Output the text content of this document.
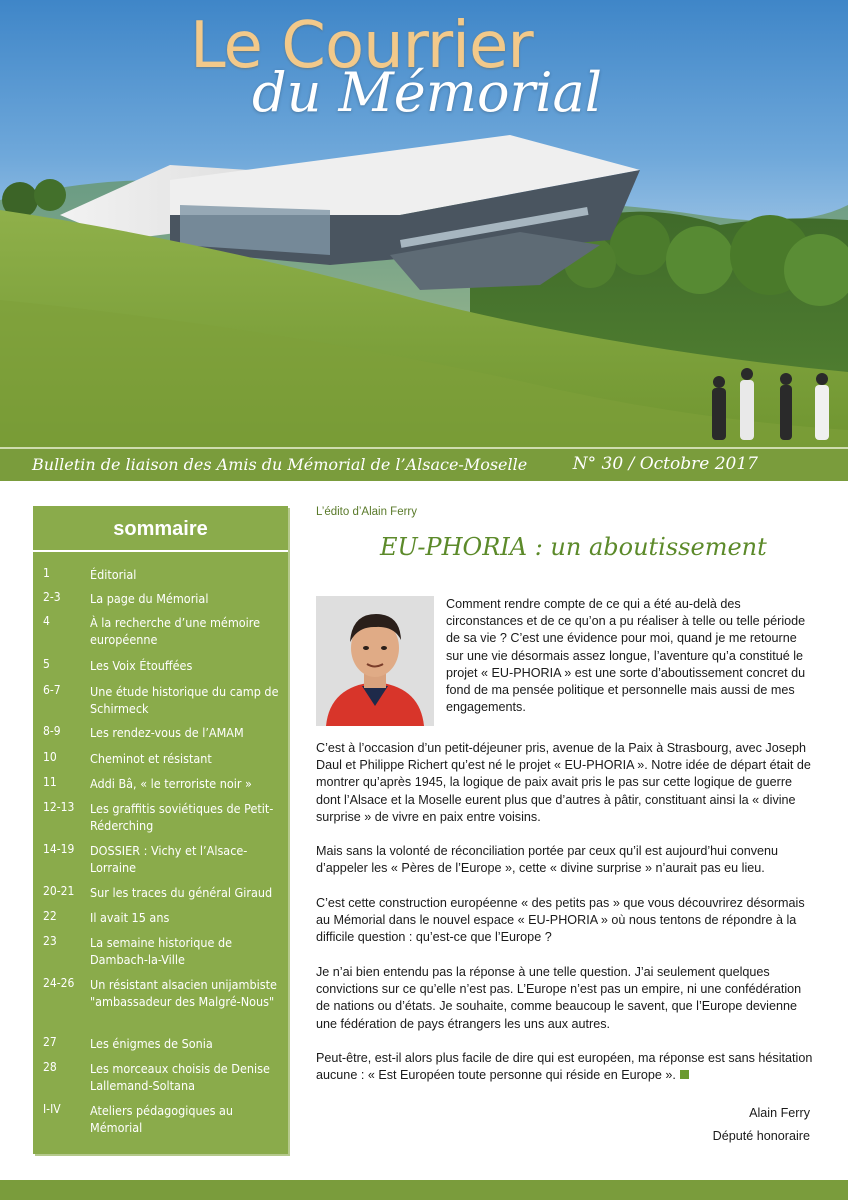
Le Courrier
du Mémorial
Bulletin de liaison des Amis du Mémorial de l’Alsace-Moselle	N° 30 / Octobre 2017
sommaire
1	Éditorial
2-3 La page du Mémorial
4	À la recherche d’une mémoire européenne
5	Les Voix Étouffées
6-7 Une étude historique du camp de Schirmeck
8-9 Les rendez-vous de l’AMAM
10	Cheminot et résistant
11	Addi Bâ, « le terroriste noir »
12-13 Les graffitis soviétiques de Petit-Réderching
14-19 DOSSIER : Vichy et l’Alsace-Lorraine
20-21 Sur les traces du général Giraud
22	Il avait 15 ans
23	La semaine historique de Dambach-la-Ville
24-26 Un résistant alsacien unijambiste "ambassadeur des Malgré-Nous"
27	Les énigmes de Sonia
28	Les morceaux choisis de Denise Lallemand-Soltana
I-IV Ateliers pédagogiques au Mémorial
L’édito d’Alain Ferry
EU-PHORIA : un aboutissement

Comment rendre compte de ce qui a été au-delà des circonstances et de ce qu’on a pu réaliser à telle ou telle période de sa vie ? C’est une évidence pour moi, quand je me retourne sur une vie désormais assez longue, l’aventure qu’a constitué le projet « EU-PHORIA » est une sorte d’aboutissement concret du fond de ma pensée politique et personnelle mais aussi de mes engagements.

C’est à l’occasion d’un petit-déjeuner pris, avenue de la Paix à Strasbourg, avec Joseph Daul et Philippe Richert qu’est né le projet « EU-PHORIA ». Notre idée de départ était de montrer qu’après 1945, la logique de paix avait pris le pas sur cette logique de guerre dont l’Alsace et la Moselle eurent plus que d’autres à pâtir, constituant ainsi la « divine surprise » de vivre en paix entre voisins.

Mais sans la volonté de réconciliation portée par ceux qu’il est aujourd’hui convenu d’appeler les « Pères de l’Europe », cette « divine surprise » n’aurait pas eu lieu.

C’est cette construction européenne « des petits pas » que vous découvrirez désormais au Mémorial dans le nouvel espace « EU-PHORIA » où nous tentons de répondre à la difficile question : qu’est-ce que l’Europe ?

Je n’ai bien entendu pas la réponse à une telle question. J’ai seulement quelques convictions sur ce qu’elle n’est pas. L’Europe n’est pas un empire, ni une confédération de nations ou d’états. Je souhaite, comme beaucoup le savent, que l’Europe devienne une fédération de pays étrangers les uns aux autres.

Peut-être, est-il alors plus facile de dire qui est européen, ma réponse est sans hésitation aucune : « Est Européen toute personne qui réside en Europe ».

Alain Ferry
Député honoraire
